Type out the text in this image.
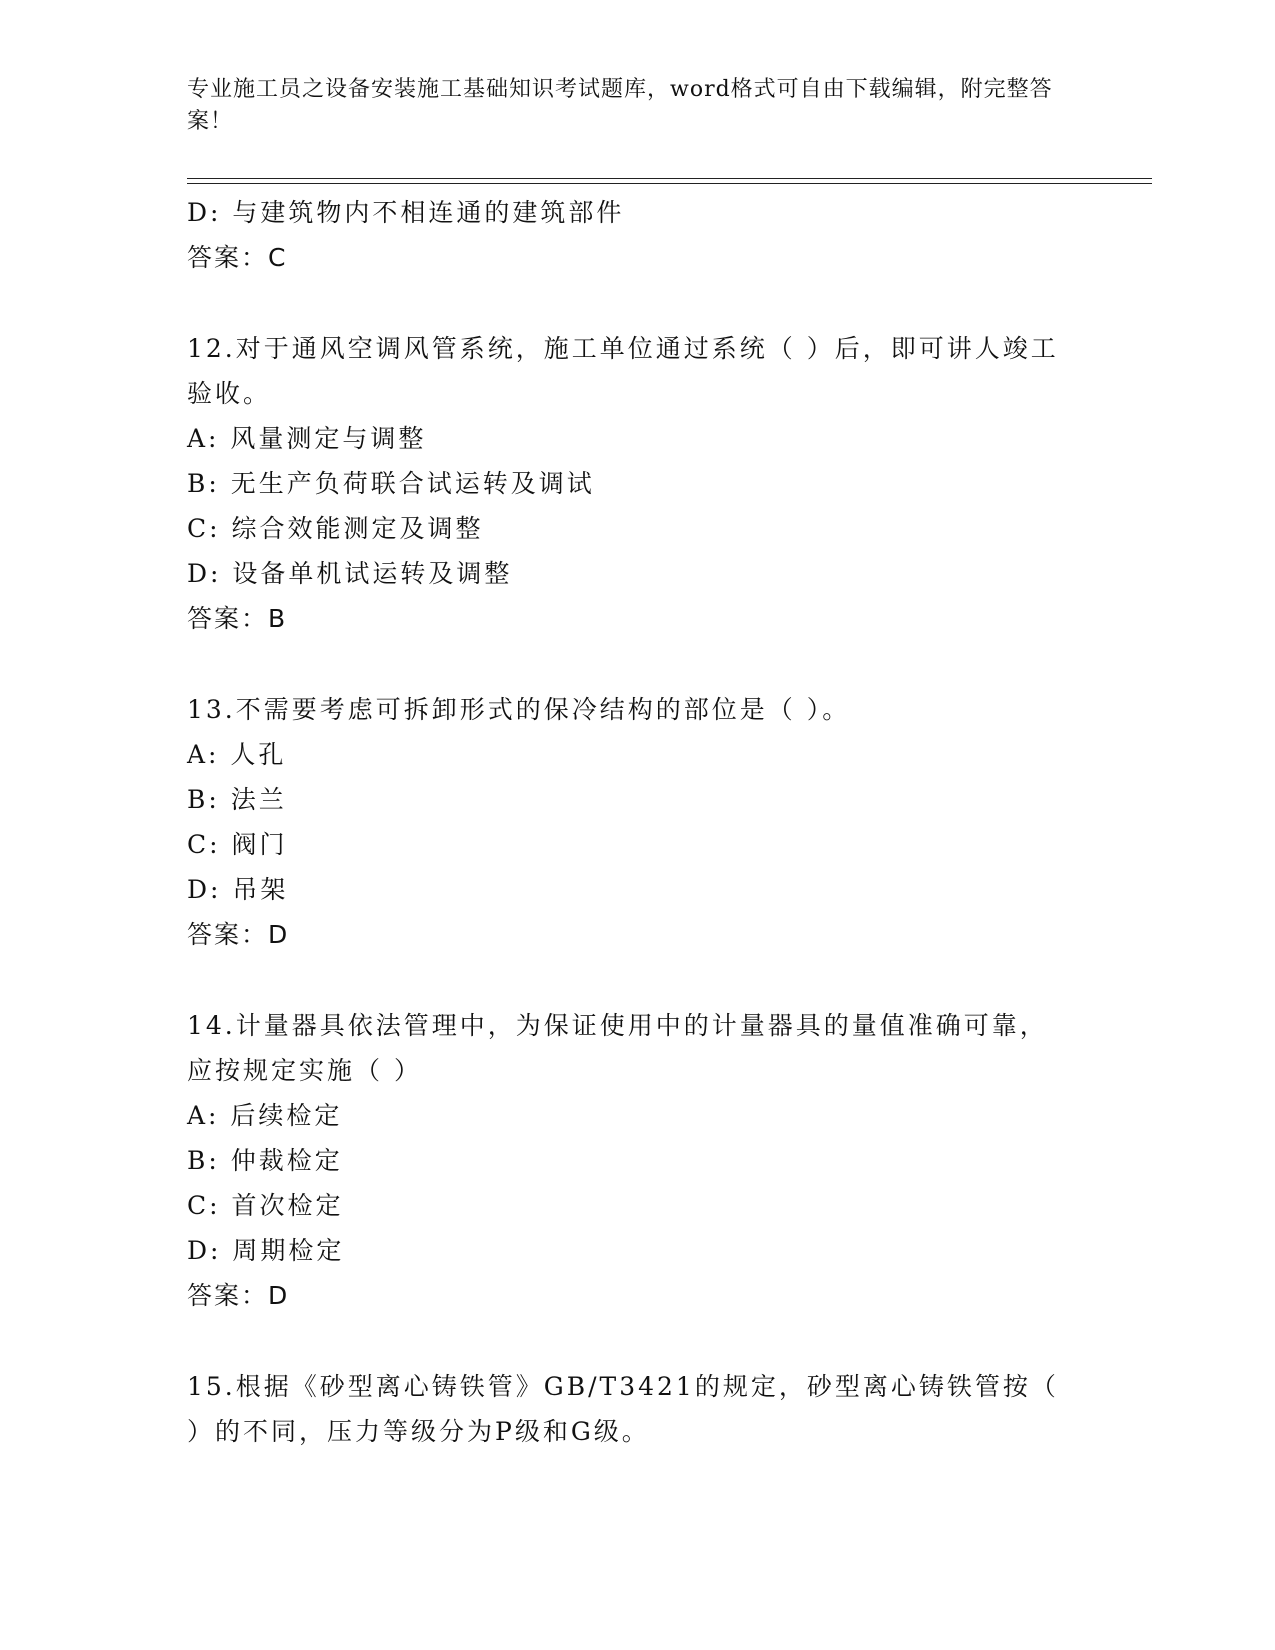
专业施工员之设备安装施工基础知识考试题库，word格式可自由下载编辑，附完整答案！
D: 与建筑物内不相连通的建筑部件
答案：C
12.对于通风空调风管系统，施工单位通过系统（ ）后，即可讲人竣工验收。
A: 风量测定与调整
B: 无生产负荷联合试运转及调试
C: 综合效能测定及调整
D: 设备单机试运转及调整
答案：B
13.不需要考虑可拆卸形式的保冷结构的部位是（ ）。
A: 人孔
B: 法兰
C: 阀门
D: 吊架
答案：D
14.计量器具依法管理中，为保证使用中的计量器具的量值准确可靠，应按规定实施（ ）
A: 后续检定
B: 仲裁检定
C: 首次检定
D: 周期检定
答案：D
15.根据《砂型离心铸铁管》GB/T3421的规定，砂型离心铸铁管按（ ）的不同，压力等级分为P级和G级。
